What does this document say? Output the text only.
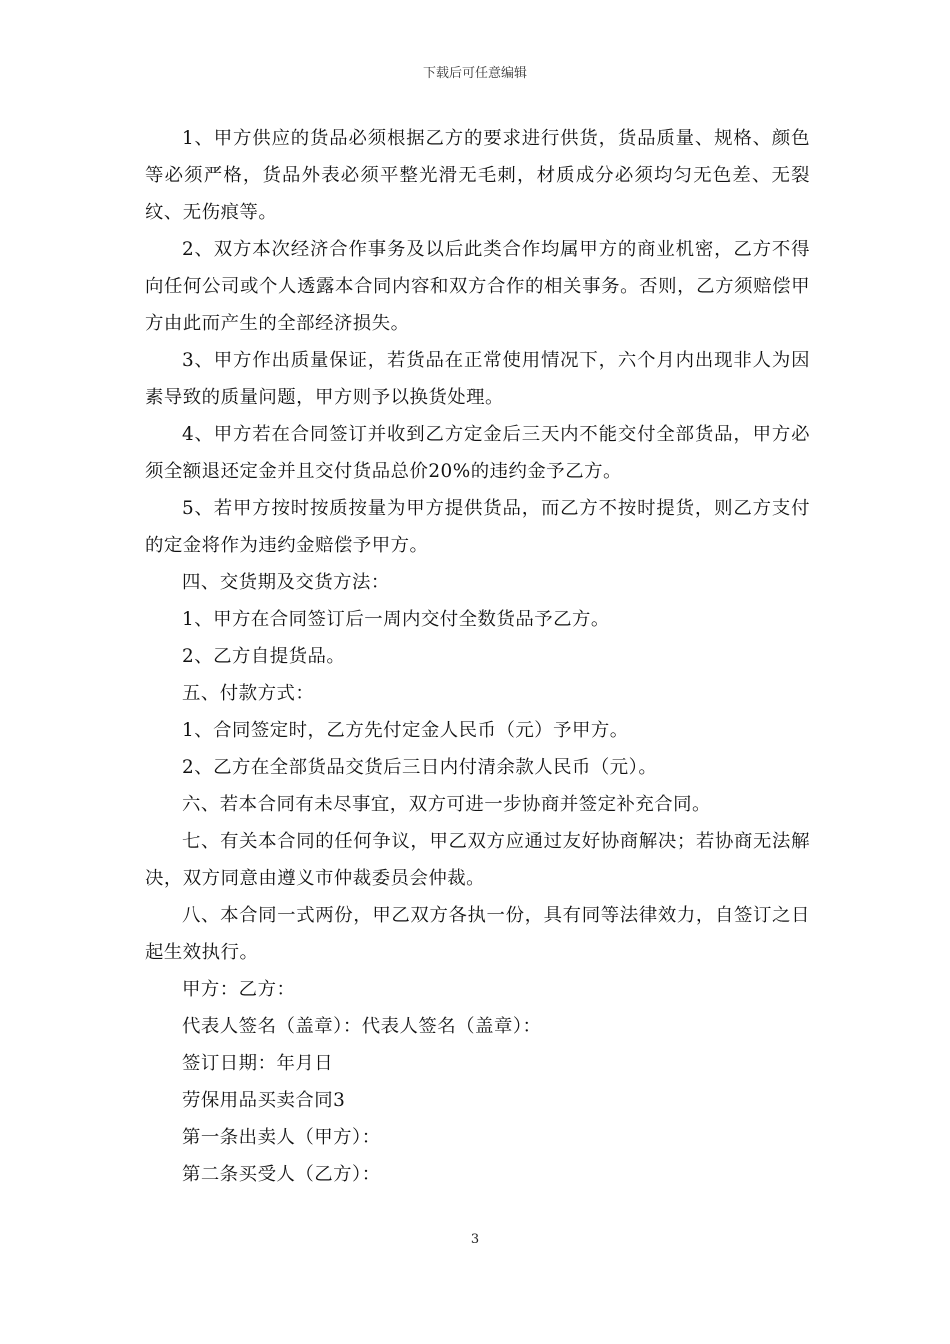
下载后可任意编辑

1、甲方供应的货品必须根据乙方的要求进行供货，货品质量、规格、颜色等必须严格，货品外表必须平整光滑无毛刺，材质成分必须均匀无色差、无裂纹、无伤痕等。

2、双方本次经济合作事务及以后此类合作均属甲方的商业机密，乙方不得向任何公司或个人透露本合同内容和双方合作的相关事务。否则，乙方须赔偿甲方由此而产生的全部经济损失。

3、甲方作出质量保证，若货品在正常使用情况下，六个月内出现非人为因素导致的质量问题，甲方则予以换货处理。

4、甲方若在合同签订并收到乙方定金后三天内不能交付全部货品，甲方必须全额退还定金并且交付货品总价20%的违约金予乙方。

5、若甲方按时按质按量为甲方提供货品，而乙方不按时提货，则乙方支付的定金将作为违约金赔偿予甲方。

四、交货期及交货方法：

1、甲方在合同签订后一周内交付全数货品予乙方。

2、乙方自提货品。

五、付款方式：

1、合同签定时，乙方先付定金人民币（元）予甲方。

2、乙方在全部货品交货后三日内付清余款人民币（元）。

六、若本合同有未尽事宜，双方可进一步协商并签定补充合同。

七、有关本合同的任何争议，甲乙双方应通过友好协商解决；若协商无法解决，双方同意由遵义市仲裁委员会仲裁。

八、本合同一式两份，甲乙双方各执一份，具有同等法律效力，自签订之日起生效执行。

甲方：乙方：

代表人签名（盖章）：代表人签名（盖章）：

签订日期：年月日

劳保用品买卖合同3

第一条出卖人（甲方）：

第二条买受人（乙方）：

3
